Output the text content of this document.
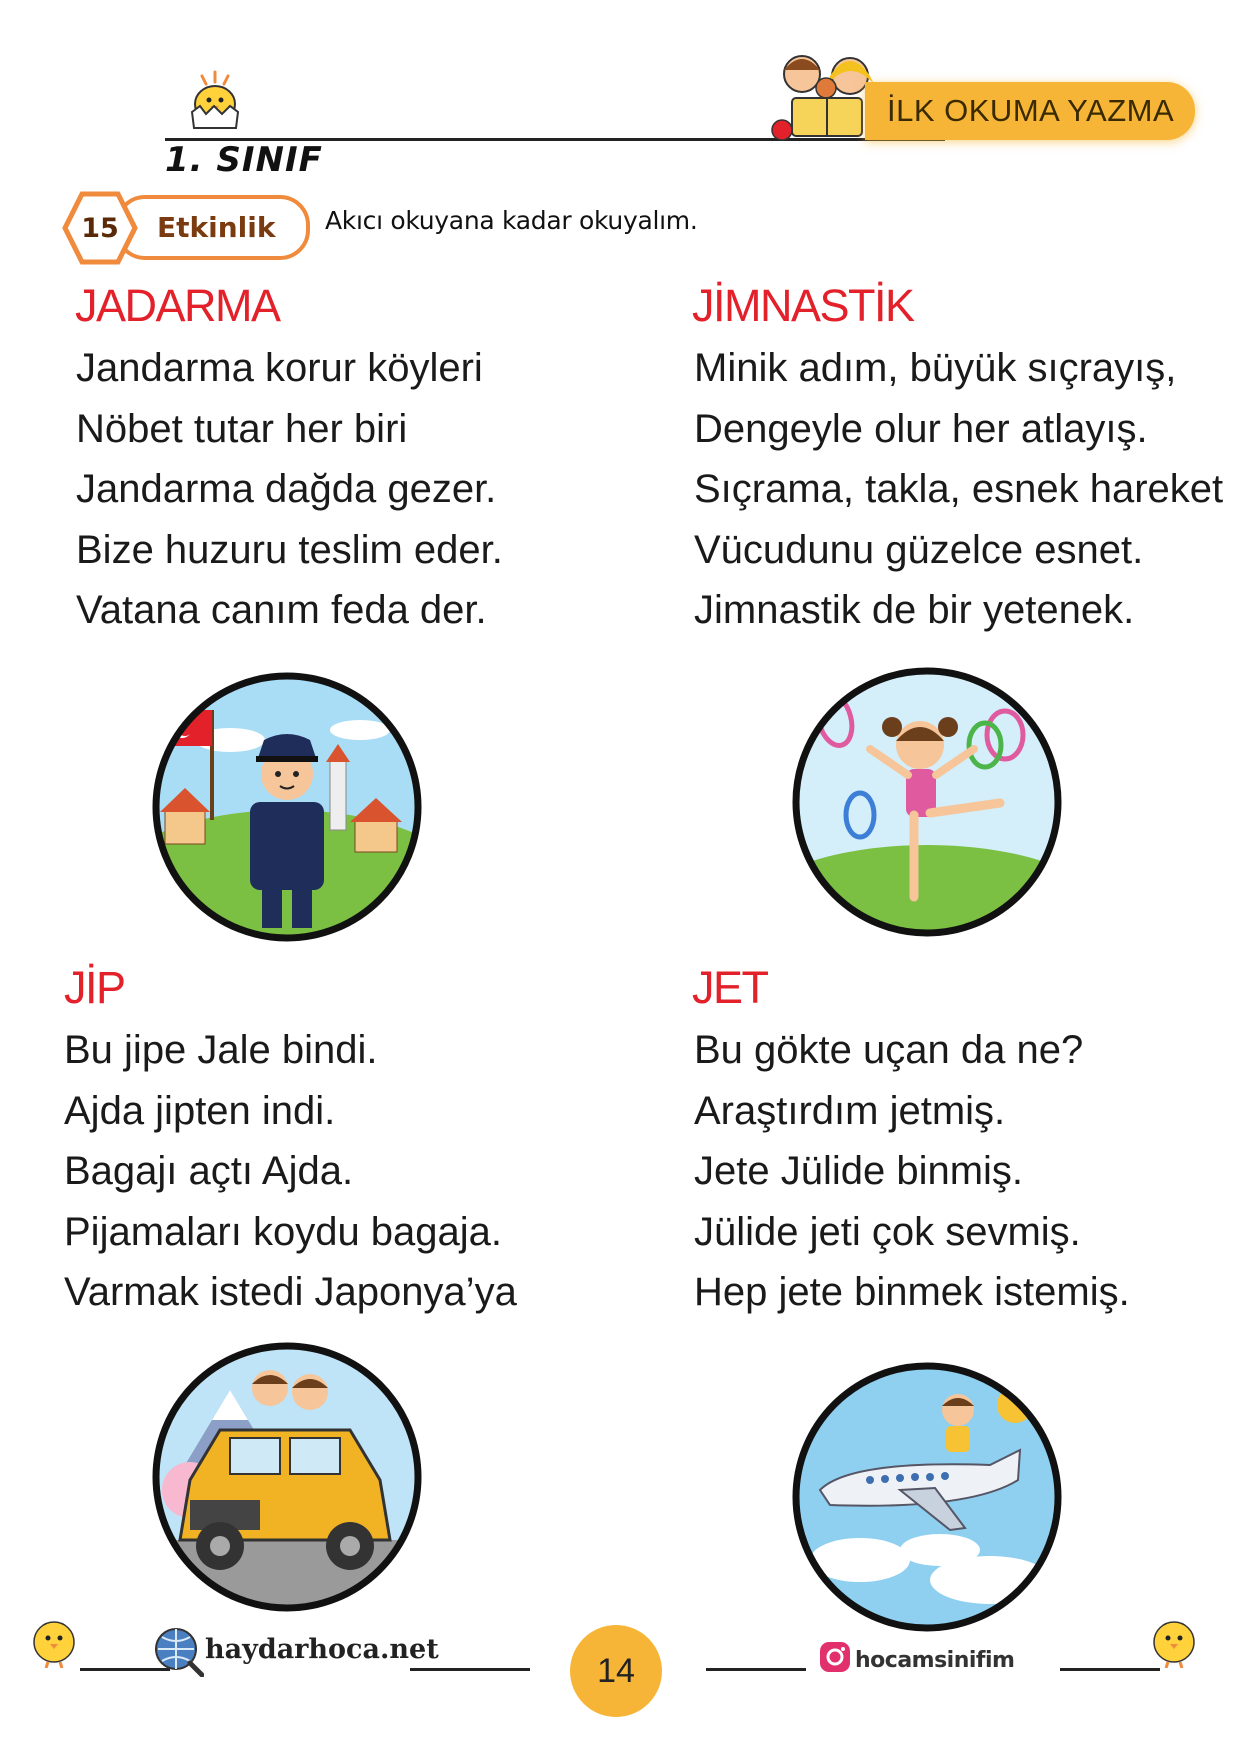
1. SINIF
İLK OKUMA YAZMA
Etkinlik
15	Akıcı okuyana kadar okuyalım.
JADARMA
Jandarma korur köyleri
Nöbet tutar her biri
Jandarma dağda gezer.
Bize huzuru teslim eder.
Vatana canım feda der.
JİMNASTİK
Minik adım, büyük sıçrayış,
Dengeyle olur her atlayış.
Sıçrama, takla, esnek hareket
Vücudunu güzelce esnet.
Jimnastik de bir yetenek.
JİP
Bu jipe Jale bindi.
Ajda jipten indi.
Bagajı açtı Ajda.
Pijamaları koydu bagaja.
Varmak istedi Japonya’ya
JET
Bu gökte uçan da ne?
Araştırdım jetmiş.
Jete Jülide binmiş.
Jülide jeti çok sevmiş.
Hep jete binmek istemiş.
haydarhoca.net
14	hocamsinifim
